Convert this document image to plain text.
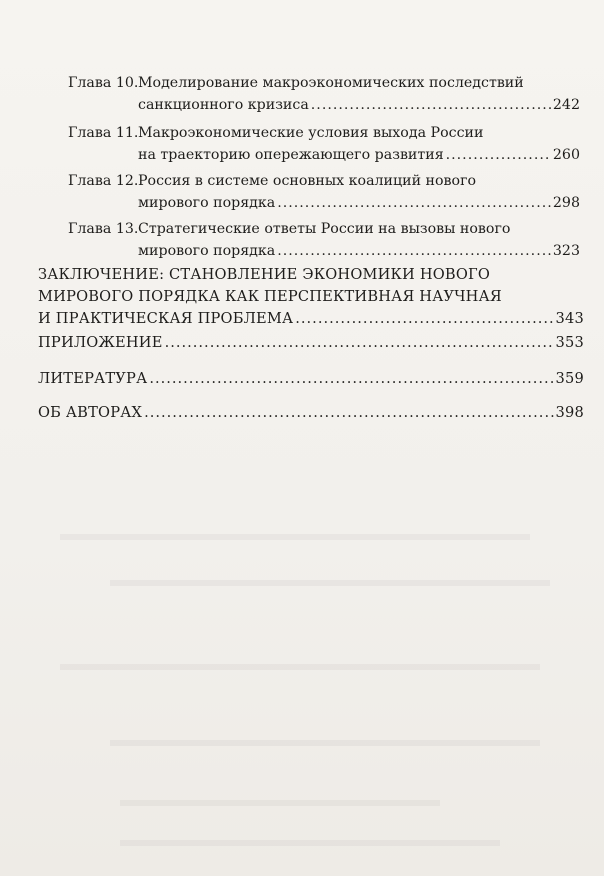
Глава 10. Моделирование макроэкономических последствий
санкционного кризиса .....	242
Глава 11. Макроэкономические условия выхода России
на траекторию опережающего развития .....	260
Глава 12. Россия в системе основных коалиций нового
мирового порядка .....	298
Глава 13. Стратегические ответы России на вызовы нового
мирового порядка .....	323
ЗАКЛЮЧЕНИЕ: СТАНОВЛЕНИЕ ЭКОНОМИКИ НОВОГО
МИРОВОГО ПОРЯДКА КАК ПЕРСПЕКТИВНАЯ НАУЧНАЯ
И ПРАКТИЧЕСКАЯ ПРОБЛЕМА .....	343
ПРИЛОЖЕНИЕ .....	353
ЛИТЕРАТУРА .....	359
ОБ АВТОРАХ .....	398
